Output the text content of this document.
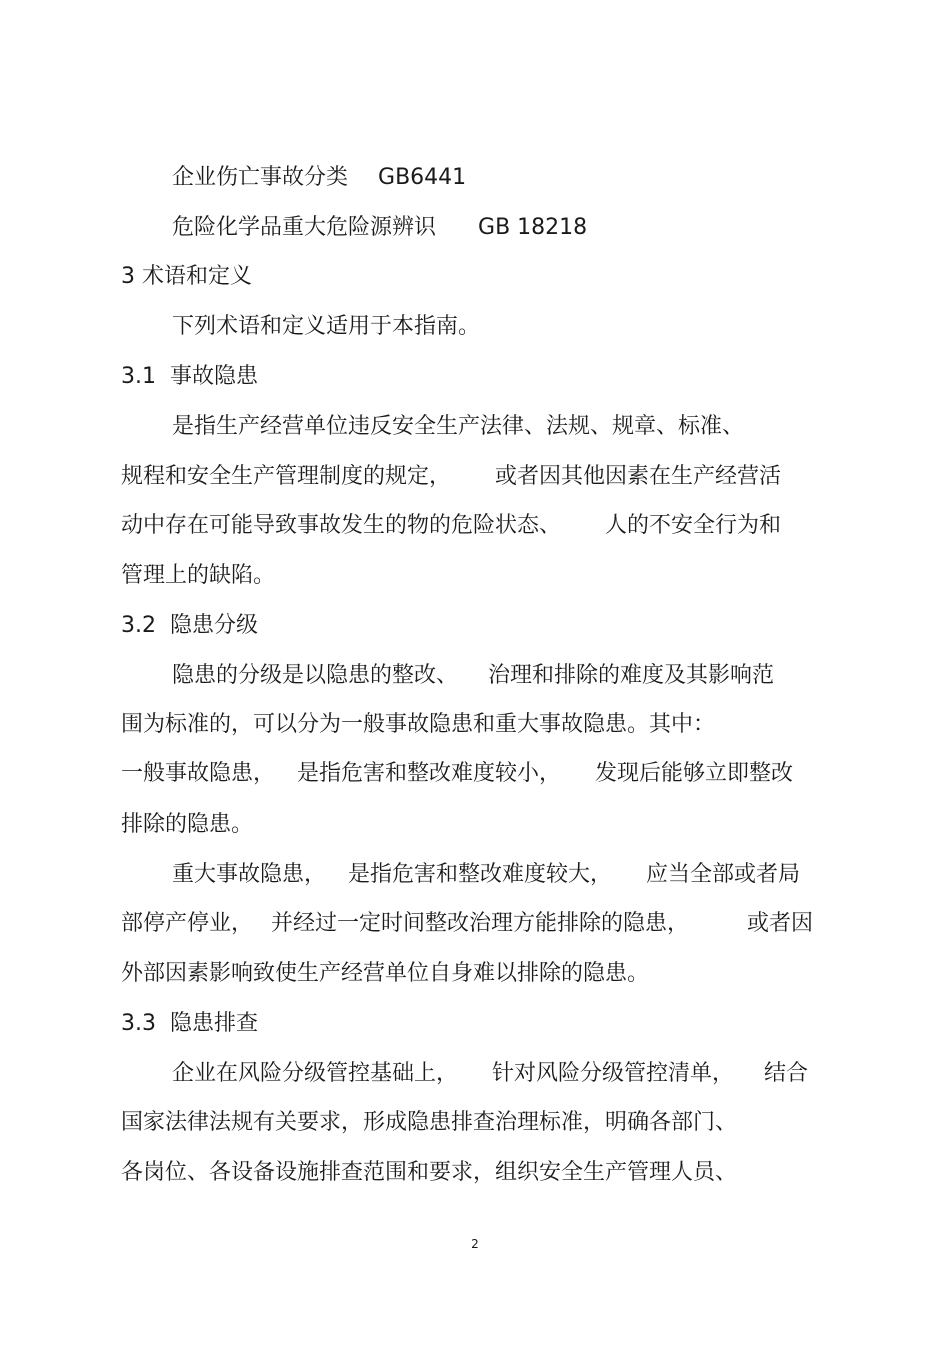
企业伤亡事故分类 GB6441
危险化学品重大危险源辨识 GB 18218
3 术语和定义
下列术语和定义适用于本指南。
3.1  事故隐患
是指生产经营单位违反安全生产法律、法规、规章、标准、
规程和安全生产管理制度的规定， 或者因其他因素在生产经营活
动中存在可能导致事故发生的物的危险状态、 人的不安全行为和
管理上的缺陷。
3.2  隐患分级
隐患的分级是以隐患的整改、 治理和排除的难度及其影响范
围为标准的，可以分为一般事故隐患和重大事故隐患。其中：
一般事故隐患， 是指危害和整改难度较小， 发现后能够立即整改
排除的隐患。
重大事故隐患， 是指危害和整改难度较大， 应当全部或者局
部停产停业， 并经过一定时间整改治理方能排除的隐患，	或者因
外部因素影响致使生产经营单位自身难以排除的隐患。
3.3  隐患排查
企业在风险分级管控基础上， 针对风险分级管控清单， 结合
国家法律法规有关要求，形成隐患排查治理标准，明确各部门、
各岗位、各设备设施排查范围和要求，组织安全生产管理人员、
2
